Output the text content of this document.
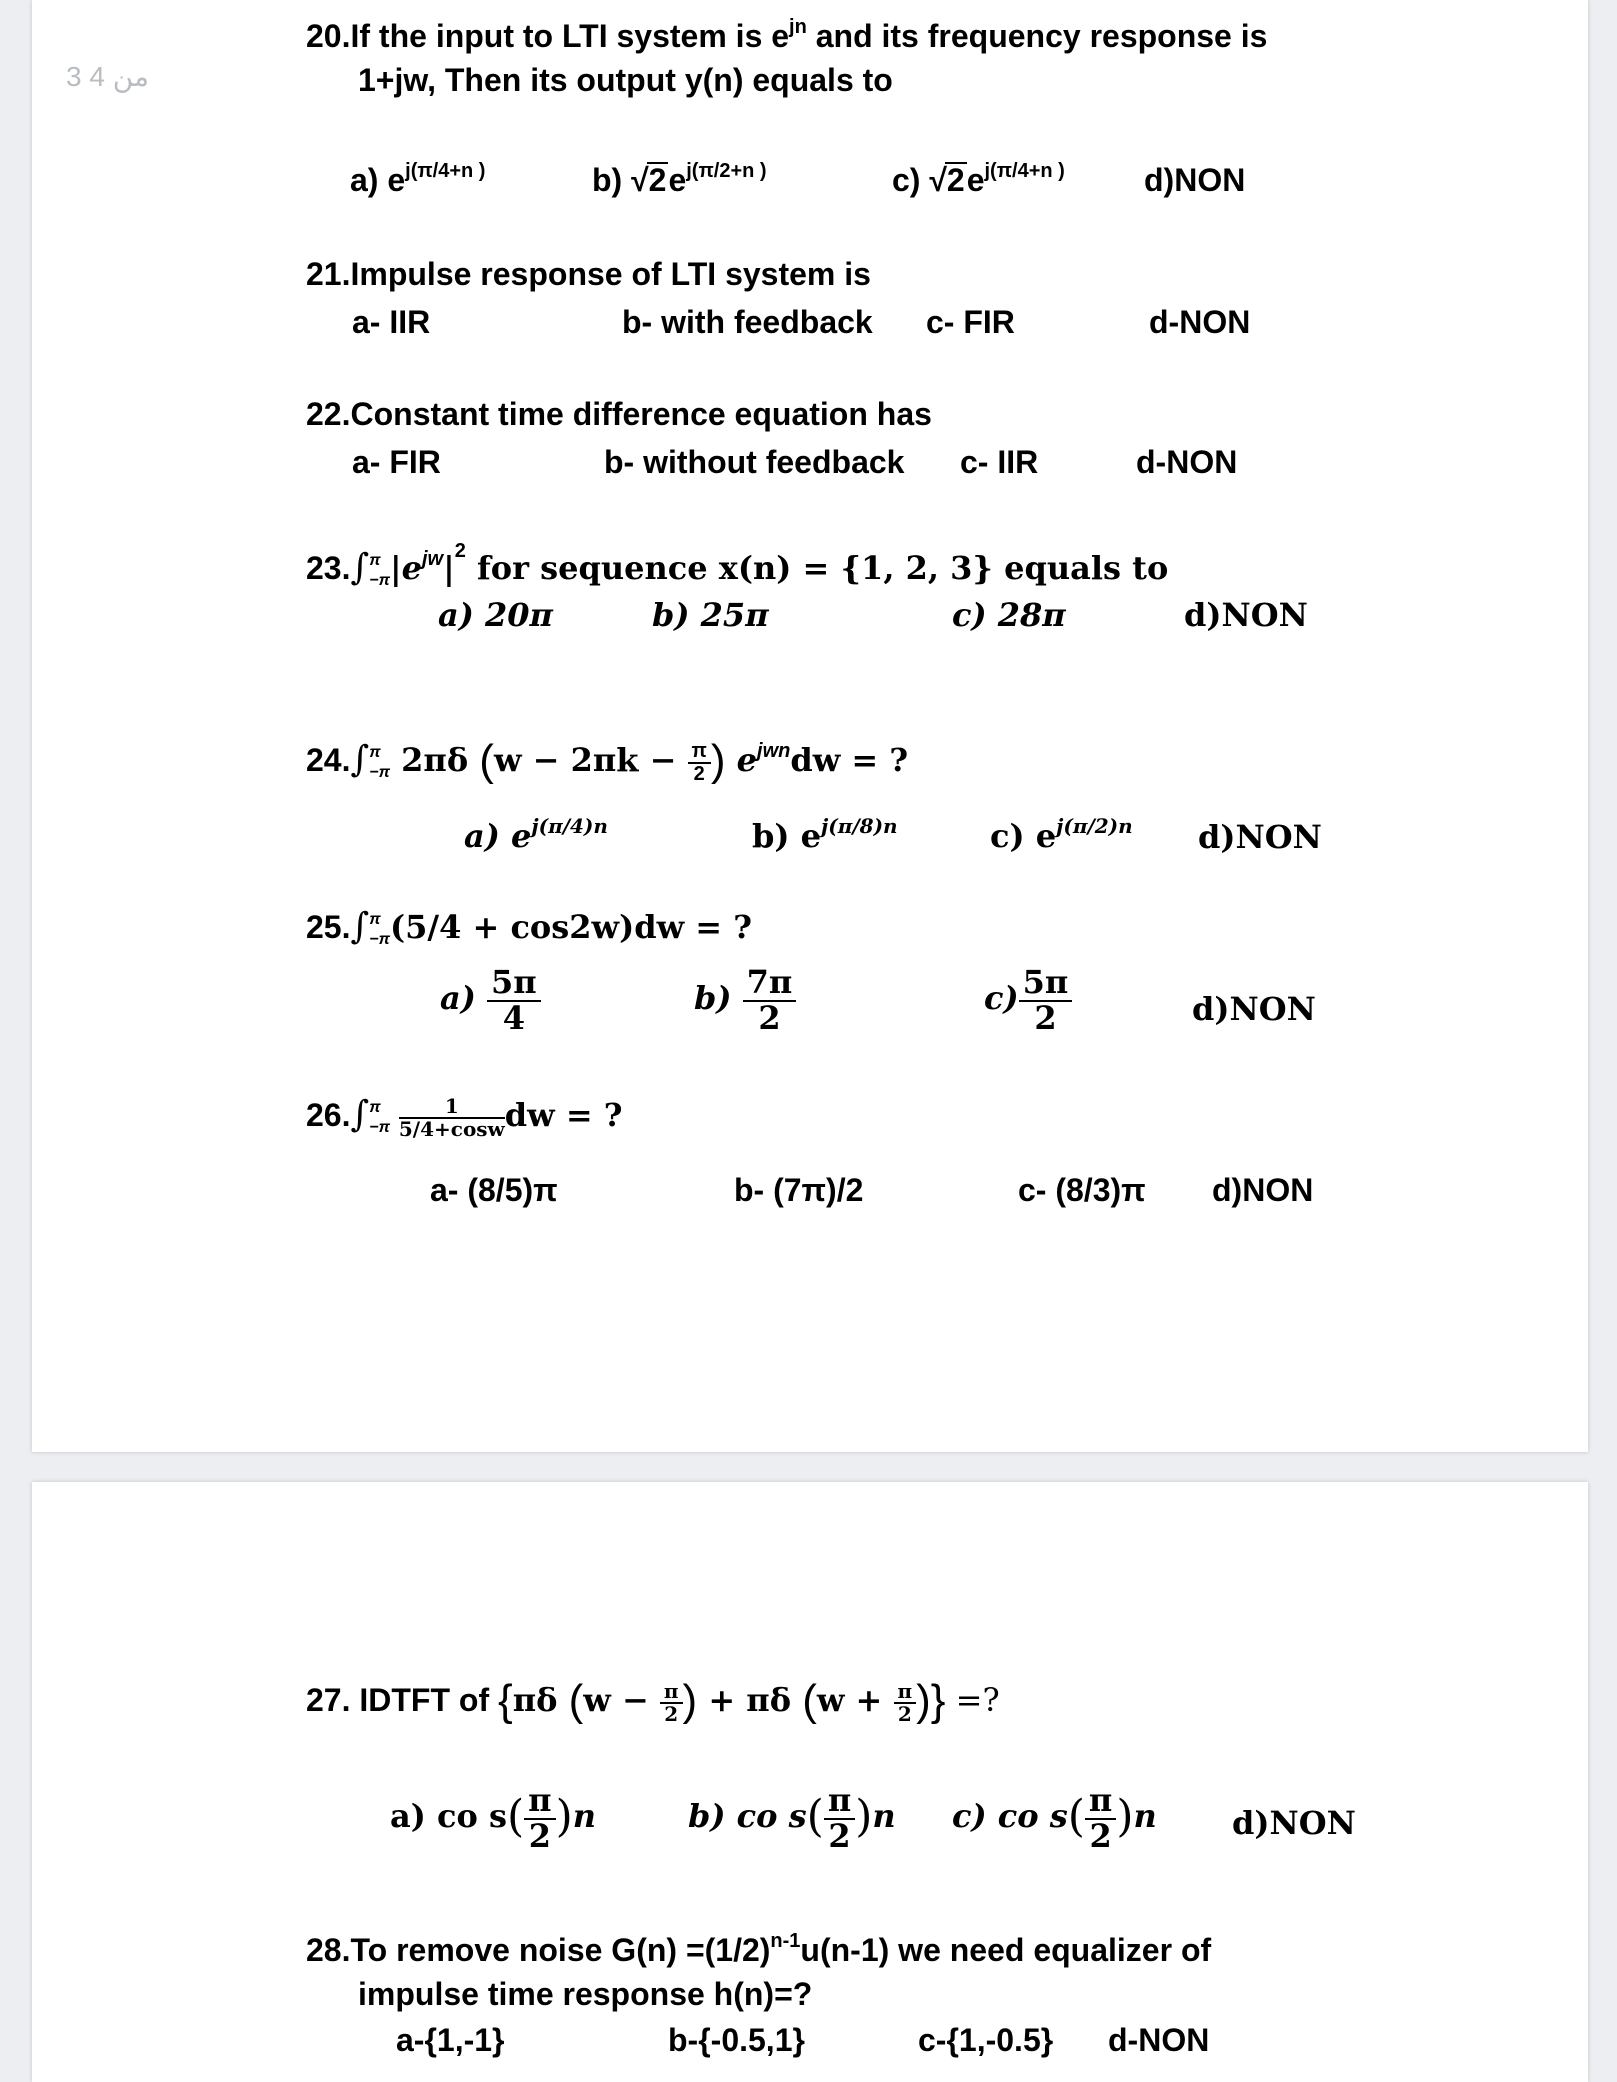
3 من 4
20.If the input to LTI system is $e^{jn}$ and its frequency response is
1+jw, Then its output y(n) equals to
a) $e^{j(\pi/4+n )}$	b) $√2e^{j(\pi/2+n )}$	c) $√2e^{j(\pi/4+n )}$ d)NON
21.Impulse response of LTI system is
a- IIR	b- with feedback c- FIR	d-NON
22.Constant time difference equation has
a- FIR	b- without feedback c- IIR	d-NON
23.∫ π
−π $|e^{jw}|^2$ for sequence x(n) = {1, 2, 3} equals to
a) 20π	b) 25π	c) 28π	d)NON
24.∫ π
−π 2πδ ($w - 2\pi k - \frac{\pi}{2}$ ) $e^{jwn}dw$ = ?
a) $e^{j(\pi/4)n}$	b) $e^{j(\pi/8)n}$	c) $e^{j(\pi/2)n}$ d)NON
25.∫ π
−π (5/4 + cos2w)dw = ?
$a) \frac{5\pi}{4}$	$b) \frac{7\pi}{2}$	$c) \frac{5\pi}{2}$	d)NON
26.∫ π
−π
$\frac{1}{5/4+\cos w}$ dw = ?
a- (8/5)π	b- (7π)/2	c- (8/3)π d)NON
27. IDTFT of {πδ ($w - \frac{\pi}{2}$ ) + πδ ($w + \frac{\pi}{2}$ )} =?
a) co $s( \frac{\pi}{2} )n$	b) co $s( \frac{\pi}{2} )n$ c) co $s( \frac{\pi}{2} )n$ d)NON
28.To remove noise $G(n) =(1/2)^{n-1}u(n-1)$ we need equalizer of
impulse time response h(n)=?
a-{1,-1}	b-{-0.5,1}	c-{1,-0.5} d-NON
